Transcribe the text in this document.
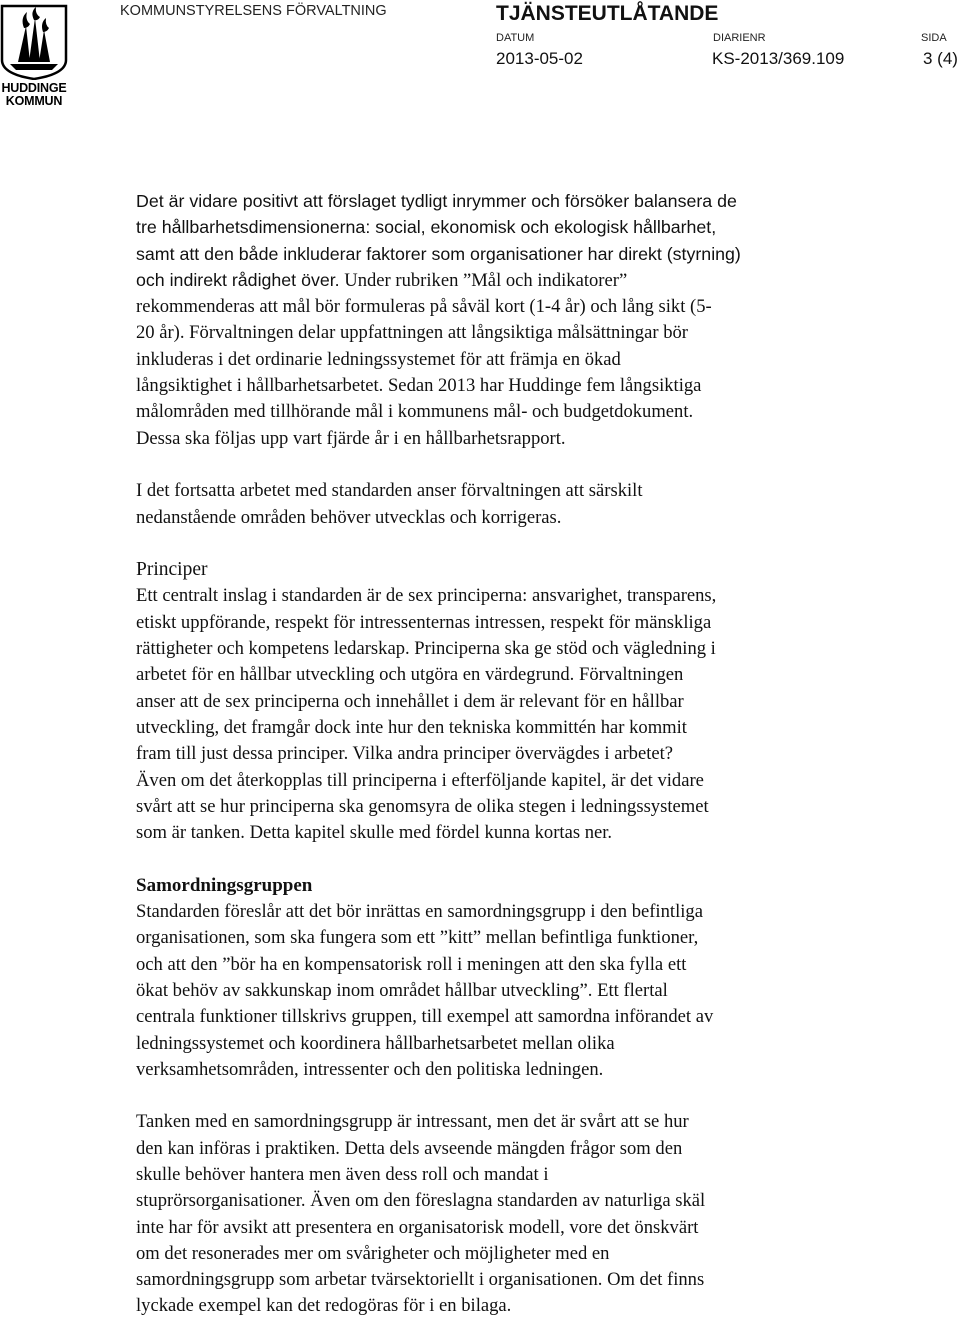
HUDDINGE
KOMMUN
KOMMUNSTYRELSENS FÖRVALTNING	TJÄNSTEUTLÅTANDE
DATUM	DIARIENR	SIDA
2013-05-02	KS-2013/369.109	3 (4)

Det är vidare positivt att förslaget tydligt inrymmer och försöker balansera de

tre hållbarhetsdimensionerna: social, ekonomisk och ekologisk hållbarhet,

samt att den både inkluderar faktorer som organisationer har direkt (styrning)

och indirekt rådighet över. Under rubriken ”Mål och indikatorer”

rekommenderas att mål bör formuleras på såväl kort (1-4 år) och lång sikt (5-

20 år). Förvaltningen delar uppfattningen att långsiktiga målsättningar bör

inkluderas i det ordinarie ledningssystemet för att främja en ökad

långsiktighet i hållbarhetsarbetet. Sedan 2013 har Huddinge fem långsiktiga

målområden med tillhörande mål i kommunens mål- och budgetdokument.

Dessa ska följas upp vart fjärde år i en hållbarhetsrapport.

I det fortsatta arbetet med standarden anser förvaltningen att särskilt

nedanstående områden behöver utvecklas och korrigeras.

Principer

Ett centralt inslag i standarden är de sex principerna: ansvarighet, transparens,

etiskt uppförande, respekt för intressenternas intressen, respekt för mänskliga

rättigheter och kompetens ledarskap. Principerna ska ge stöd och vägledning i

arbetet för en hållbar utveckling och utgöra en värdegrund. Förvaltningen

anser att de sex principerna och innehållet i dem är relevant för en hållbar

utveckling, det framgår dock inte hur den tekniska kommittén har kommit

fram till just dessa principer. Vilka andra principer övervägdes i arbetet?

Även om det återkopplas till principerna i efterföljande kapitel, är det vidare

svårt att se hur principerna ska genomsyra de olika stegen i ledningssystemet

som är tanken. Detta kapitel skulle med fördel kunna kortas ner.

Samordningsgruppen

Standarden föreslår att det bör inrättas en samordningsgrupp i den befintliga

organisationen, som ska fungera som ett ”kitt” mellan befintliga funktioner,

och att den ”bör ha en kompensatorisk roll i meningen att den ska fylla ett

ökat behöv av sakkunskap inom området hållbar utveckling”. Ett flertal

centrala funktioner tillskrivs gruppen, till exempel att samordna införandet av

ledningssystemet och koordinera hållbarhetsarbetet mellan olika

verksamhetsområden, intressenter och den politiska ledningen.

Tanken med en samordningsgrupp är intressant, men det är svårt att se hur

den kan införas i praktiken. Detta dels avseende mängden frågor som den

skulle behöver hantera men även dess roll och mandat i

stuprörsorganisationer. Även om den föreslagna standarden av naturliga skäl

inte har för avsikt att presentera en organisatorisk modell, vore det önskvärt

om det resonerades mer om svårigheter och möjligheter med en

samordningsgrupp som arbetar tvärsektoriellt i organisationen. Om det finns

lyckade exempel kan det redogöras för i en bilaga.
